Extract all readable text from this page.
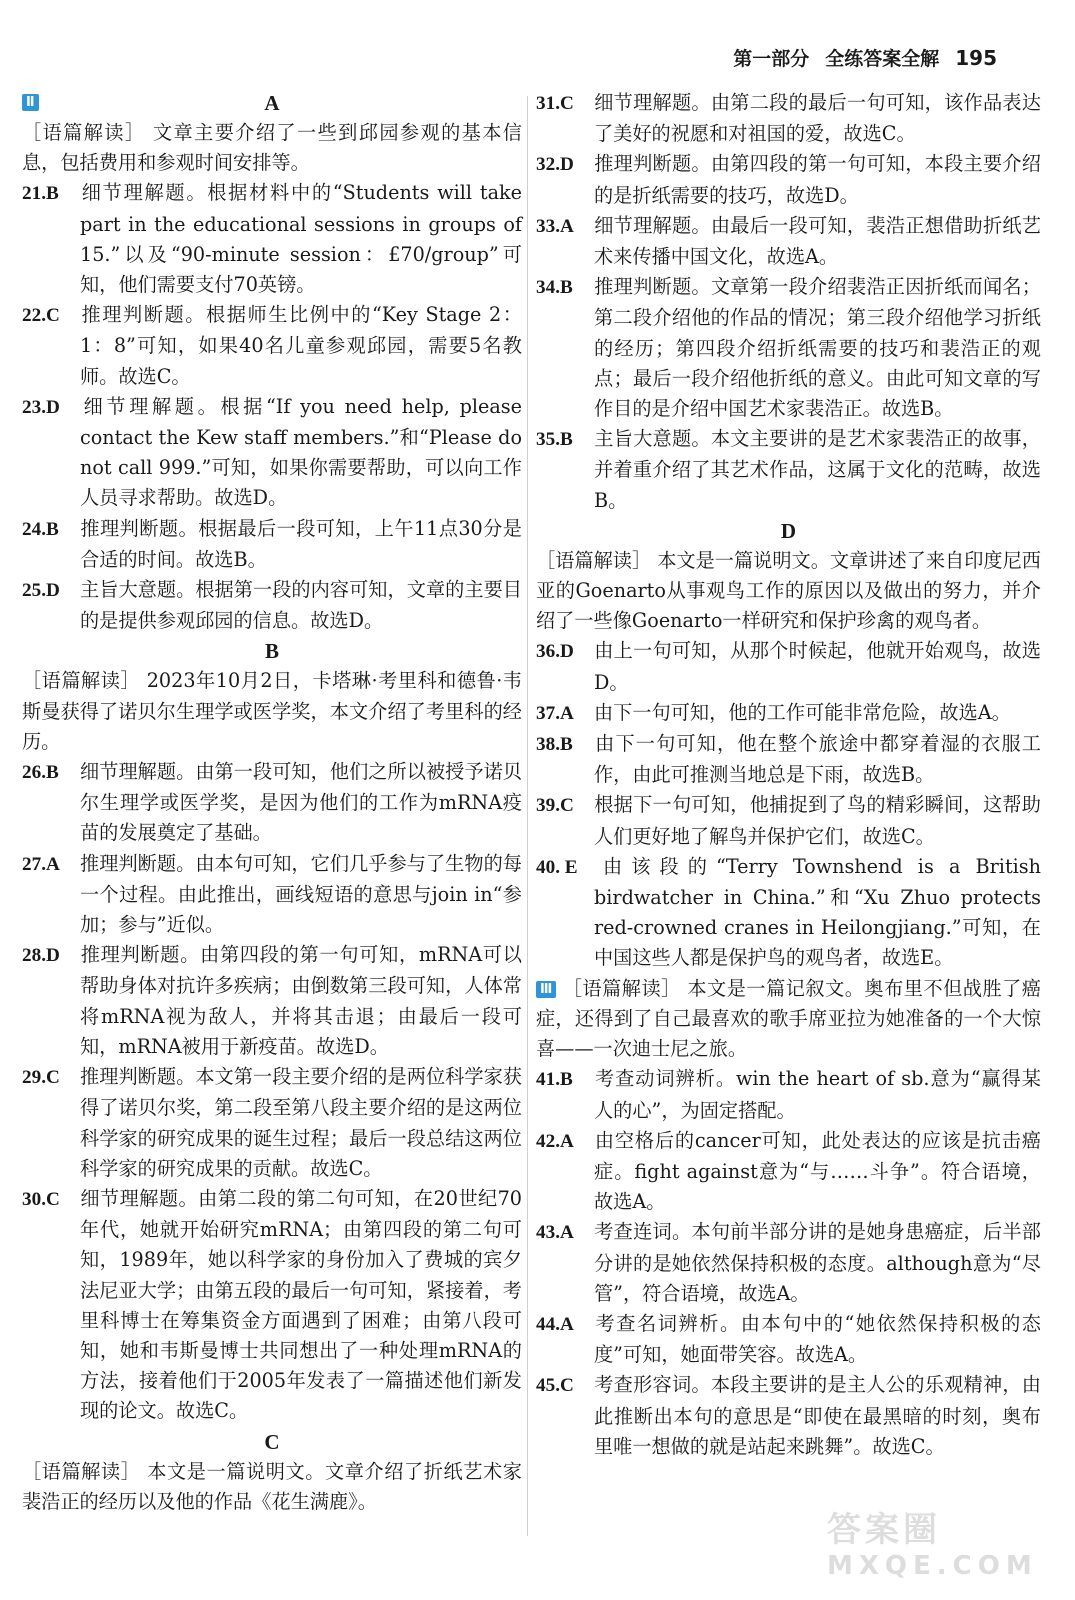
第一部分 全练答案全解 195
Ⅱ	A

［语篇解读］ 文章主要介绍了一些到邱园参观的基本信息，包括费用和参观时间安排等。

21.B 细节理解题。根据材料中的“Students will take part in the educational sessions in groups of 15.”以及“90-minute session：£70/group”可知，他们需要支付70英镑。

22.C 推理判断题。根据师生比例中的“Key Stage 2：1：8”可知，如果40名儿童参观邱园，需要5名教师。故选C。

23.D 细节理解题。根据“If you need help, please contact the Kew staff members.”和“Please do not call 999.”可知，如果你需要帮助，可以向工作人员寻求帮助。故选D。

24.B 推理判断题。根据最后一段可知，上午11点30分是合适的时间。故选B。

25.D 主旨大意题。根据第一段的内容可知，文章的主要目的是提供参观邱园的信息。故选D。

B

［语篇解读］ 2023年10月2日，卡塔琳·考里科和德鲁·韦斯曼获得了诺贝尔生理学或医学奖，本文介绍了考里科的经历。

26.B 细节理解题。由第一段可知，他们之所以被授予诺贝尔生理学或医学奖，是因为他们的工作为mRNA疫苗的发展奠定了基础。

27.A 推理判断题。由本句可知，它们几乎参与了生物的每一个过程。由此推出，画线短语的意思与join in“参加；参与”近似。

28.D 推理判断题。由第四段的第一句可知，mRNA可以帮助身体对抗许多疾病；由倒数第三段可知，人体常将mRNA视为敌人，并将其击退；由最后一段可知，mRNA被用于新疫苗。故选D。

29.C 推理判断题。本文第一段主要介绍的是两位科学家获得了诺贝尔奖，第二段至第八段主要介绍的是这两位科学家的研究成果的诞生过程；最后一段总结这两位科学家的研究成果的贡献。故选C。

30.C 细节理解题。由第二段的第二句可知，在20世纪70年代，她就开始研究mRNA；由第四段的第二句可知，1989年，她以科学家的身份加入了费城的宾夕法尼亚大学；由第五段的最后一句可知，紧接着，考里科博士在筹集资金方面遇到了困难；由第八段可知，她和韦斯曼博士共同想出了一种处理mRNA的方法，接着他们于2005年发表了一篇描述他们新发现的论文。故选C。

C

［语篇解读］ 本文是一篇说明文。文章介绍了折纸艺术家裴浩正的经历以及他的作品《花生满鹿》。

31.C 细节理解题。由第二段的最后一句可知，该作品表达了美好的祝愿和对祖国的爱，故选C。

32.D 推理判断题。由第四段的第一句可知，本段主要介绍的是折纸需要的技巧，故选D。

33.A 细节理解题。由最后一段可知，裴浩正想借助折纸艺术来传播中国文化，故选A。

34.B 推理判断题。文章第一段介绍裴浩正因折纸而闻名；第二段介绍他的作品的情况；第三段介绍他学习折纸的经历；第四段介绍折纸需要的技巧和裴浩正的观点；最后一段介绍他折纸的意义。由此可知文章的写作目的是介绍中国艺术家裴浩正。故选B。

35.B 主旨大意题。本文主要讲的是艺术家裴浩正的故事，并着重介绍了其艺术作品，这属于文化的范畴，故选B。

D

［语篇解读］ 本文是一篇说明文。文章讲述了来自印度尼西亚的Goenarto从事观鸟工作的原因以及做出的努力，并介绍了一些像Goenarto一样研究和保护珍禽的观鸟者。

36.D 由上一句可知，从那个时候起，他就开始观鸟，故选D。

37.A 由下一句可知，他的工作可能非常危险，故选A。

38.B 由下一句可知，他在整个旅途中都穿着湿的衣服工作，由此可推测当地总是下雨，故选B。

39.C 根据下一句可知，他捕捉到了鸟的精彩瞬间，这帮助人们更好地了解鸟并保护它们，故选C。

40. E 由该段的“Terry Townshend is a British birdwatcher in China.”和“Xu Zhuo protects red-crowned cranes in Heilongjiang.”可知，在中国这些人都是保护鸟的观鸟者，故选E。

Ⅲ ［语篇解读］ 本文是一篇记叙文。奥布里不但战胜了癌症，还得到了自己最喜欢的歌手席亚拉为她准备的一个大惊喜——一次迪士尼之旅。

41.B 考查动词辨析。win the heart of sb.意为“赢得某人的心”，为固定搭配。

42.A 由空格后的cancer可知，此处表达的应该是抗击癌症。fight against意为“与……斗争”。符合语境，故选A。

43.A 考查连词。本句前半部分讲的是她身患癌症，后半部分讲的是她依然保持积极的态度。although意为“尽管”，符合语境，故选A。

44.A 考查名词辨析。由本句中的“她依然保持积极的态度”可知，她面带笑容。故选A。

45.C 考查形容词。本段主要讲的是主人公的乐观精神，由此推断出本句的意思是“即使在最黑暗的时刻，奥布里唯一想做的就是站起来跳舞”。故选C。

答案圈
MXQE.COM
